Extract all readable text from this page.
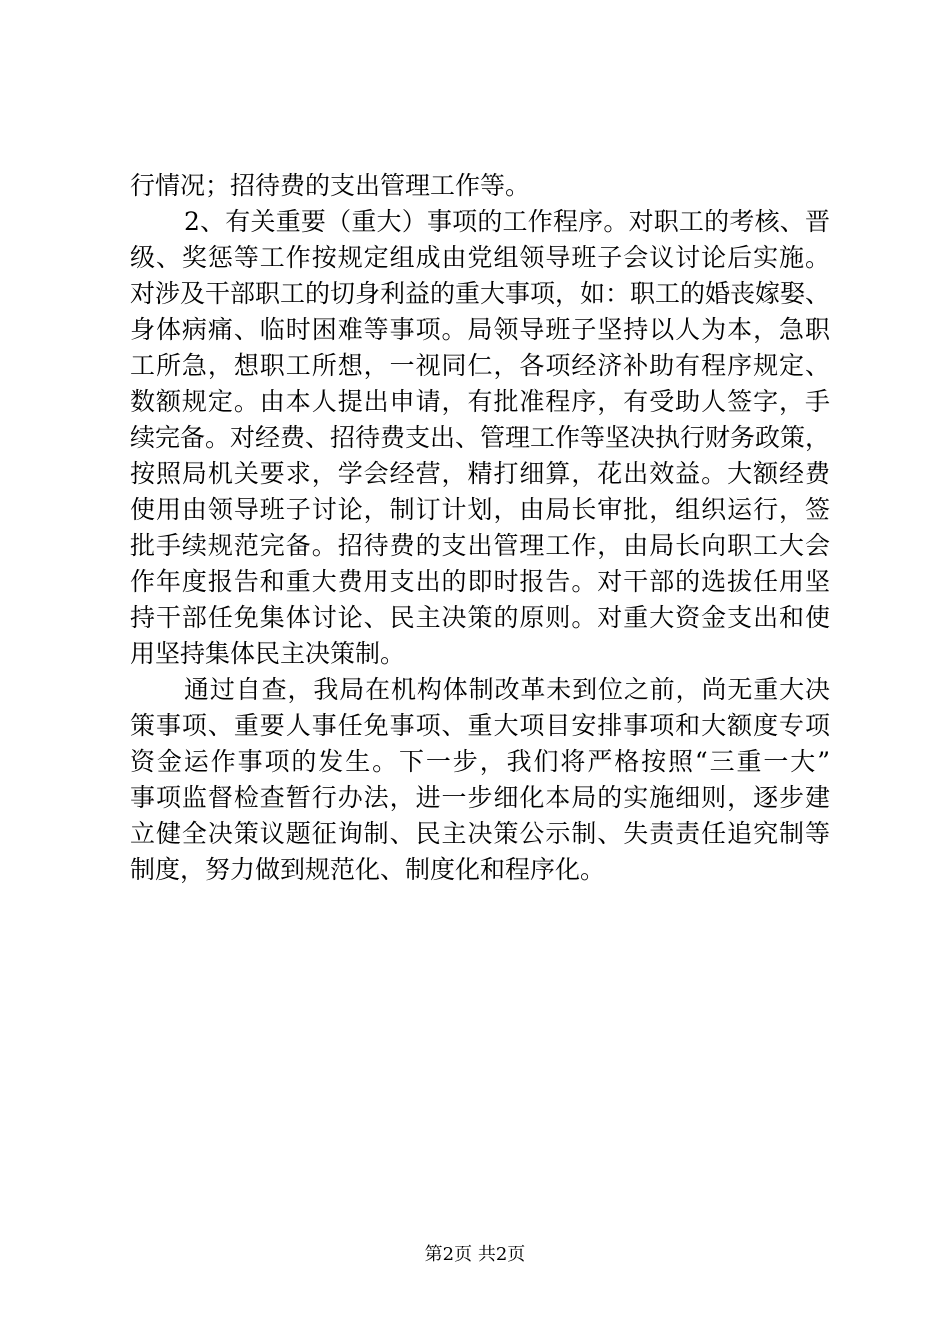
行情况；招待费的支出管理工作等。
2、有关重要（重大）事项的工作程序。对职工的考核、晋
级、奖惩等工作按规定组成由党组领导班子会议讨论后实施。
对涉及干部职工的切身利益的重大事项，如：职工的婚丧嫁娶、
身体病痛、临时困难等事项。局领导班子坚持以人为本，急职
工所急，想职工所想，一视同仁，各项经济补助有程序规定、
数额规定。由本人提出申请，有批准程序，有受助人签字，手
续完备。对经费、招待费支出、管理工作等坚决执行财务政策，
按照局机关要求，学会经营，精打细算，花出效益。大额经费
使用由领导班子讨论，制订计划，由局长审批，组织运行，签
批手续规范完备。招待费的支出管理工作，由局长向职工大会
作年度报告和重大费用支出的即时报告。对干部的选拔任用坚
持干部任免集体讨论、民主决策的原则。对重大资金支出和使
用坚持集体民主决策制。
通过自查，我局在机构体制改革未到位之前，尚无重大决
策事项、重要人事任免事项、重大项目安排事项和大额度专项
资金运作事项的发生。下一步，我们将严格按照“三重一大”
事项监督检查暂行办法，进一步细化本局的实施细则，逐步建
立健全决策议题征询制、民主决策公示制、失责责任追究制等
制度，努力做到规范化、制度化和程序化。
第2页 共2页
